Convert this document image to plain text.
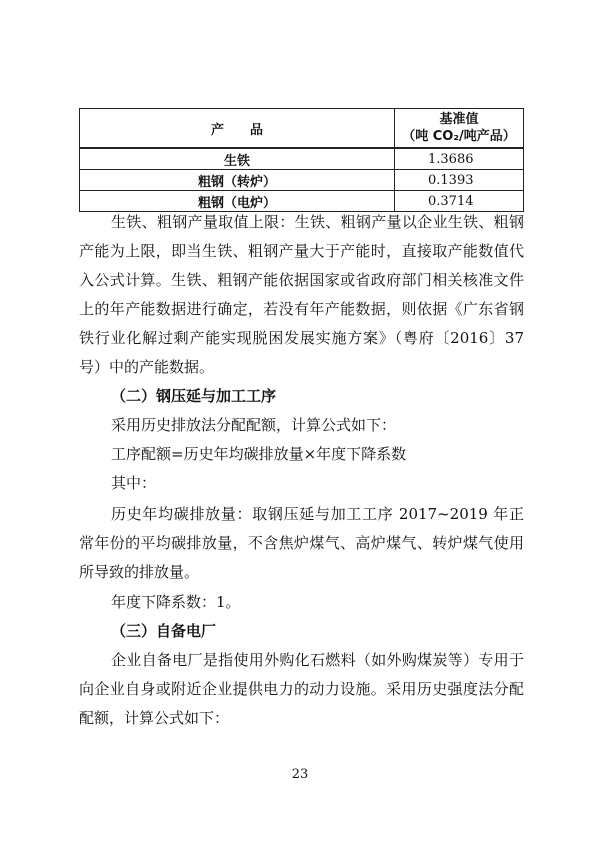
产　　品	基准值
（吨 CO₂/吨产品）

生铁	1.3686
粗钢（转炉）	0.1393
粗钢（电炉）	0.3714

生铁、粗钢产量取值上限：生铁、粗钢产量以企业生铁、粗钢产能为上限，即当生铁、粗钢产量大于产能时，直接取产能数值代入公式计算。生铁、粗钢产能依据国家或省政府部门相关核准文件上的年产能数据进行确定，若没有年产能数据，则依据《广东省钢铁行业化解过剩产能实现脱困发展实施方案》（粤府〔2016〕37 号）中的产能数据。

（二）钢压延与加工工序

采用历史排放法分配配额，计算公式如下：

工序配额=历史年均碳排放量×年度下降系数

其中：

历史年均碳排放量：取钢压延与加工工序 2017~2019 年正常年份的平均碳排放量，不含焦炉煤气、高炉煤气、转炉煤气使用所导致的排放量。

年度下降系数：1。

（三）自备电厂

企业自备电厂是指使用外购化石燃料（如外购煤炭等）专用于向企业自身或附近企业提供电力的动力设施。采用历史强度法分配配额，计算公式如下：

23
